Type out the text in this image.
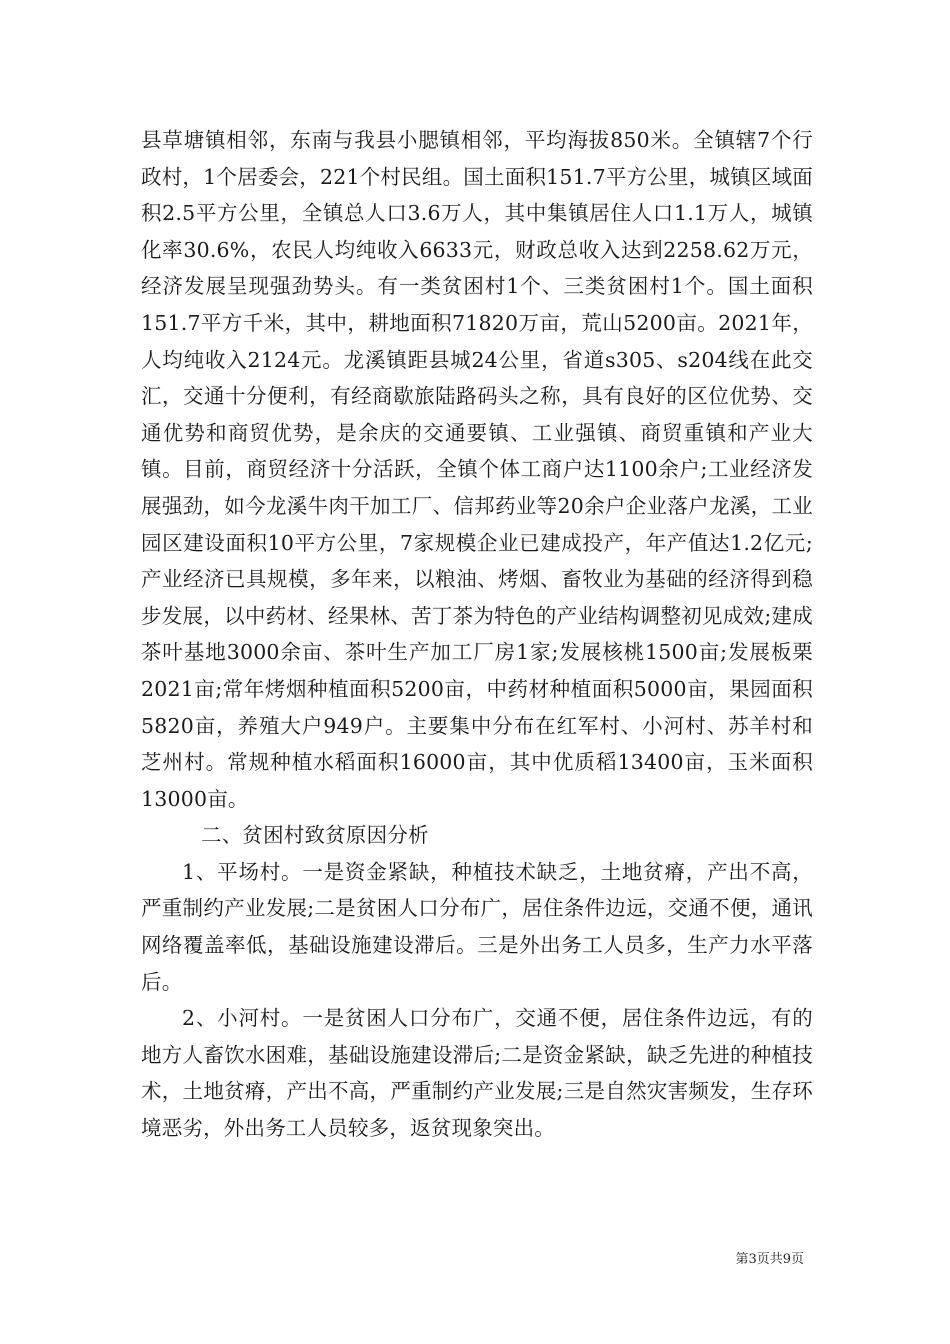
县草塘镇相邻，东南与我县小腮镇相邻，平均海拔850米。全镇辖7个行政村，1个居委会，221个村民组。国土面积151.7平方公里，城镇区域面积2.5平方公里，全镇总人口3.6万人，其中集镇居住人口1.1万人，城镇化率30.6%，农民人均纯收入6633元，财政总收入达到2258.62万元，经济发展呈现强劲势头。有一类贫困村1个、三类贫困村1个。国土面积151.7平方千米，其中，耕地面积71820万亩，荒山5200亩。2021年，人均纯收入2124元。龙溪镇距县城24公里，省道s305、s204线在此交汇，交通十分便利，有经商歇旅陆路码头之称，具有良好的区位优势、交通优势和商贸优势，是余庆的交通要镇、工业强镇、商贸重镇和产业大镇。目前，商贸经济十分活跃，全镇个体工商户达1100余户;工业经济发展强劲，如今龙溪牛肉干加工厂、信邦药业等20余户企业落户龙溪，工业园区建设面积10平方公里，7家规模企业已建成投产，年产值达1.2亿元;产业经济已具规模，多年来，以粮油、烤烟、畜牧业为基础的经济得到稳步发展，以中药材、经果林、苦丁茶为特色的产业结构调整初见成效;建成茶叶基地3000余亩、茶叶生产加工厂房1家;发展核桃1500亩;发展板栗2021亩;常年烤烟种植面积5200亩，中药材种植面积5000亩，果园面积5820亩，养殖大户949户。主要集中分布在红军村、小河村、苏羊村和芝州村。常规种植水稻面积16000亩，其中优质稻13400亩，玉米面积13000亩。

二、贫困村致贫原因分析

1、平场村。一是资金紧缺，种植技术缺乏，土地贫瘠，产出不高，严重制约产业发展;二是贫困人口分布广，居住条件边远，交通不便，通讯网络覆盖率低，基础设施建设滞后。三是外出务工人员多，生产力水平落后。

2、小河村。一是贫困人口分布广，交通不便，居住条件边远，有的地方人畜饮水困难，基础设施建设滞后;二是资金紧缺，缺乏先进的种植技术，土地贫瘠，产出不高，严重制约产业发展;三是自然灾害频发，生存环境恶劣，外出务工人员较多，返贫现象突出。

第3页共9页
